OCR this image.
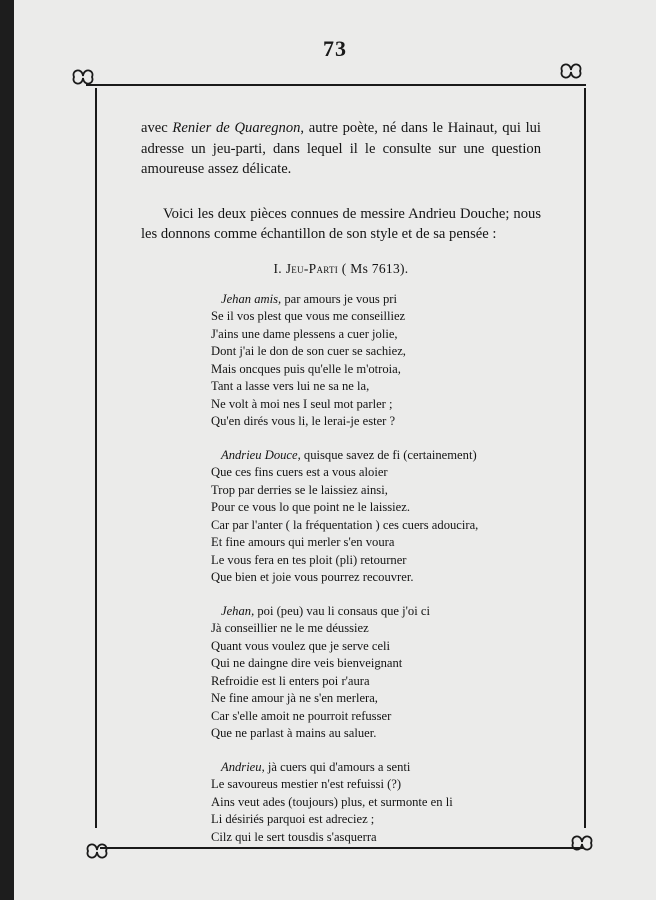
73

avec Renier de Quaregnon, autre poète, né dans le Hainaut, qui lui adresse un jeu-parti, dans lequel il le consulte sur une question amoureuse assez délicate.

Voici les deux pièces connues de messire Andrieu Douche; nous les donnons comme échantillon de son style et de sa pensée :

I. Jeu-Parti ( Ms 7613).
Jehan amis, par amours je vous pri
Se il vos plest que vous me conseilliez
J'ains une dame plessens a cuer jolie,
Dont j'ai le don de son cuer se sachiez,
Mais oncques puis qu'elle le m'otroia,
Tant a lasse vers lui ne sa ne la,
Ne volt à moi nes I seul mot parler ;
Qu'en dirés vous li, le lerai-je ester ?
Andrieu Douce, quisque savez de fi (certainement)
Que ces fins cuers est a vous aloier
Trop par derries se le laissiez ainsi,
Pour ce vous lo que point ne le laissiez.
Car par l'anter ( la fréquentation ) ces cuers adoucira,
Et fine amours qui merler s'en voura
Le vous fera en tes ploit (pli) retourner
Que bien et joie vous pourrez recouvrer.
Jehan, poi (peu) vau li consaus que j'oi ci
Jà conseillier ne le me déussiez
Quant vous voulez que je serve celi
Qui ne daingne dire veis bienveignant
Refroidie est li enters poi r'aura
Ne fine amour jà ne s'en merlera,
Car s'elle amoit ne pourroit refusser
Que ne parlast à mains au saluer.
Andrieu, jà cuers qui d'amours a senti
Le savoureus mestier n'est refuissi (?)
Ains veut ades (toujours) plus, et surmonte en li
Li désiriés parquoi est adreciez ;
Cilz qui le sert tousdis s'asquerra
